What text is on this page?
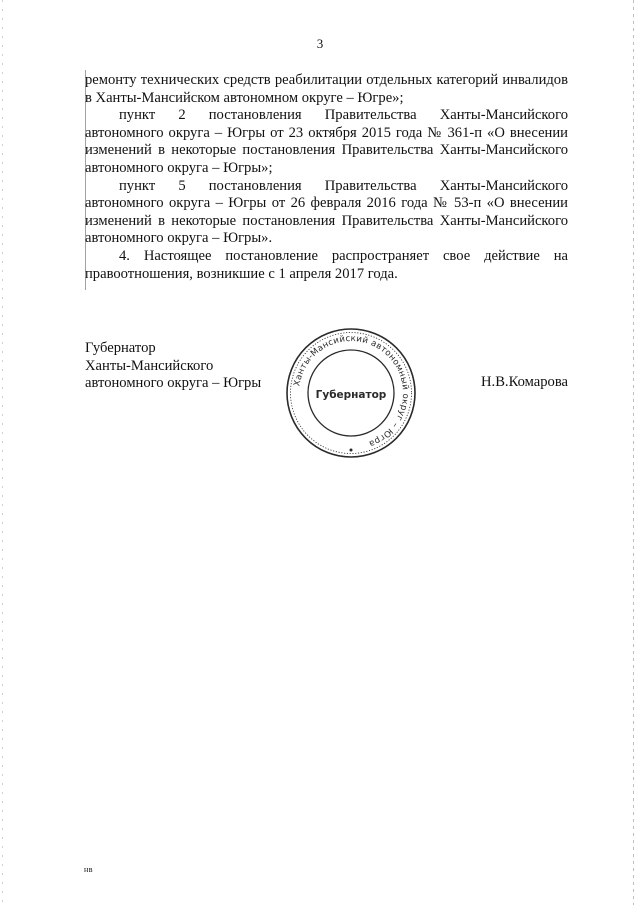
3

ремонту технических средств реабилитации отдельных категорий инвалидов в Ханты-Мансийском автономном округе – Югре»;

пункт 2 постановления Правительства Ханты-Мансийского автономного округа – Югры от 23 октября 2015 года № 361-п «О внесении изменений в некоторые постановления Правительства Ханты-Мансийского автономного округа – Югры»;

пункт 5 постановления Правительства Ханты-Мансийского автономного округа – Югры от 26 февраля 2016 года № 53-п «О внесении изменений в некоторые постановления Правительства Ханты-Мансийского автономного округа – Югры».

4. Настоящее постановление распространяет свое действие на правоотношения, возникшие с 1 апреля 2017 года.

Губернатор
Ханты-Мансийского
автономного округа – Югры	Ханты-Мансийский автономный округ – Югра
Губернатор
Н.В.Комарова
нв
